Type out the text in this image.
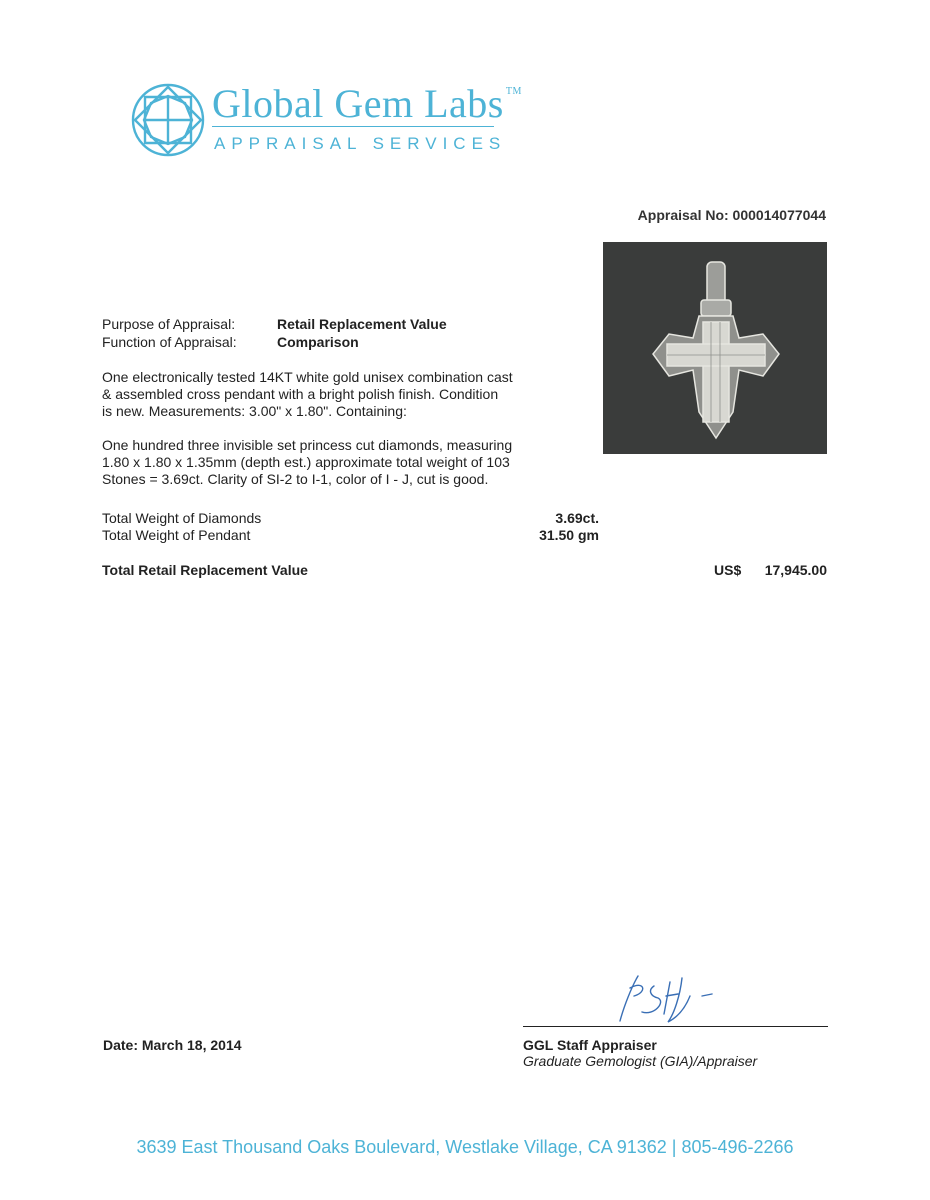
Global Gem Labs ™
APPRAISAL SERVICES
Appraisal No: 000014077044
Purpose of Appraisal:	Retail Replacement Value
Function of Appraisal:	Comparison
One electronically tested 14KT white gold unisex combination cast
& assembled cross pendant with a bright polish finish. Condition
is new. Measurements: 3.00" x 1.80". Containing:
One hundred three invisible set princess cut diamonds, measuring
1.80 x 1.80 x 1.35mm (depth est.) approximate total weight of 103
Stones = 3.69ct. Clarity of SI-2 to I-1, color of I - J, cut is good.
Total Weight of Diamonds	3.69ct.
Total Weight of Pendant	31.50 gm
Total Retail Replacement Value	US$ 17,945.00
Date: March 18, 2014	GGL Staff Appraiser
Graduate Gemologist (GIA)/Appraiser
3639 East Thousand Oaks Boulevard, Westlake Village, CA 91362 | 805-496-2266
